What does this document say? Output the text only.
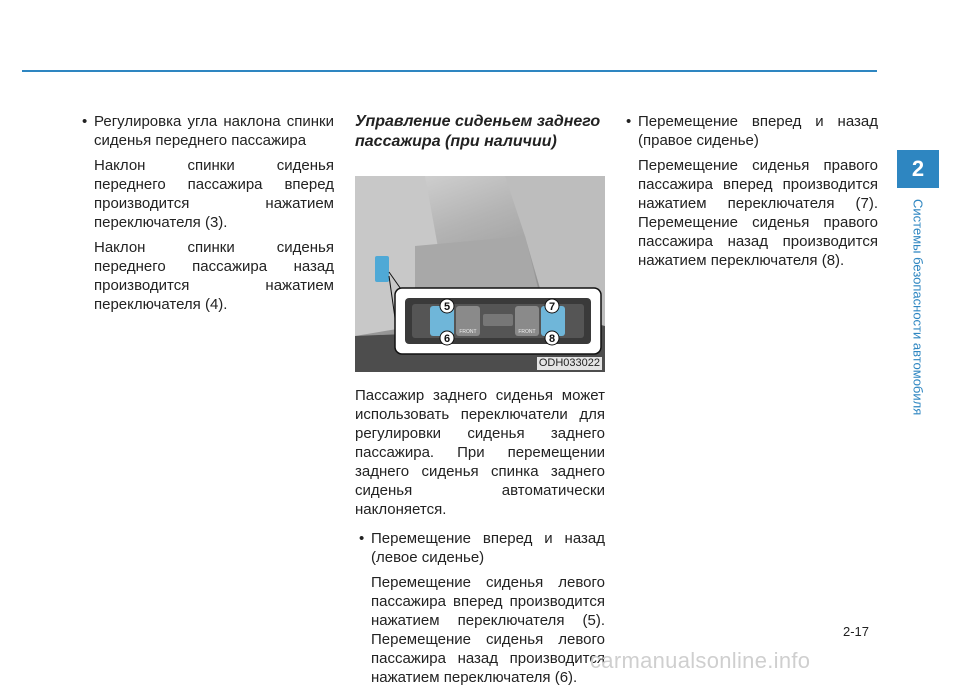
• Регулировка угла наклона спинки сиденья переднего пассажира
Наклон спинки сиденья переднего пассажира вперед производится нажатием переключателя (3).
Наклон спинки сиденья переднего пассажира назад производится нажатием переключателя (4).
Управление сиденьем заднего пассажира (при наличии)
5	7
6	8
FRONT	FRONT
ODH033022
Пассажир заднего сиденья может использовать переключатели для регулировки сиденья заднего пассажира. При перемещении заднего сиденья спинка заднего сиденья автоматически наклоняется.
• Перемещение вперед и назад (левое сиденье)
Перемещение сиденья левого пассажира вперед производится нажатием переключателя (5). Перемещение сиденья левого пассажира назад производится нажатием переключателя (6).
• Перемещение вперед и назад (правое сиденье)
Перемещение сиденья правого пассажира вперед производится нажатием переключателя (7). Перемещение сиденья правого пассажира назад производится нажатием переключателя (8).
2
Системы безопасности автомобиля
2-17
carmanualsonline.info
